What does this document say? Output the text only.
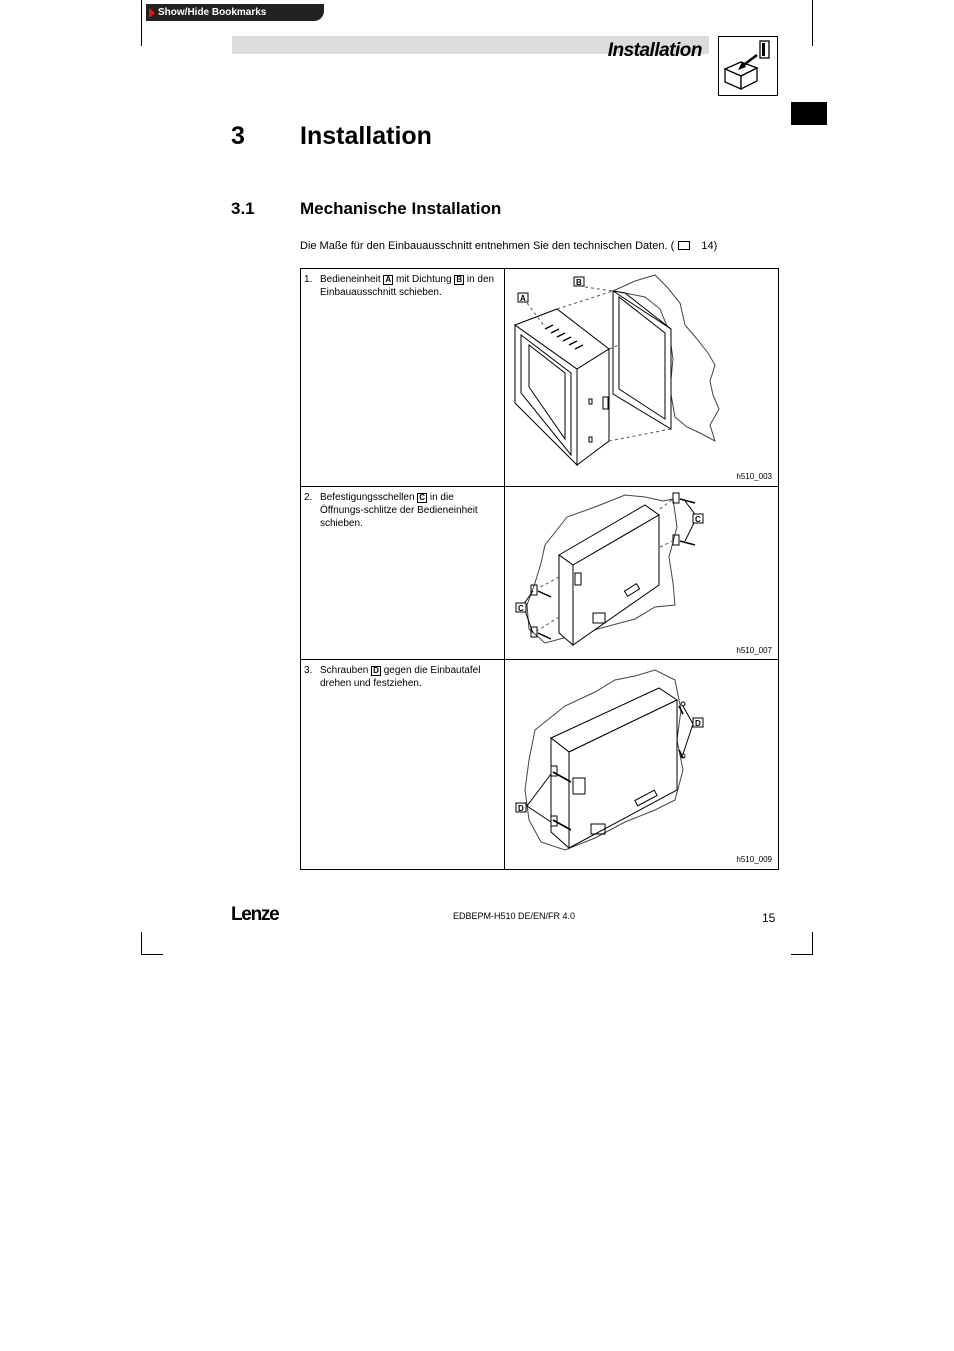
Show/Hide Bookmarks
Installation
3 Installation
3.1	Mechanische Installation
Die Maße für den Einbauausschnitt entnehmen Sie den technischen Daten. ( 14)
1. Bedieneinheit A mit Dichtung B in den Einbauausschnitt schieben.
B
A
h510_003
2. Befestigungsschellen C in die Öffnungs-schlitze der Bedieneinheit schieben.	C
C
h510_007
3. Schrauben D gegen die Einbautafel drehen und festziehen.
D
D
h510_009
Lenze	EDBEPM-H510 DE/EN/FR 4.0	15
